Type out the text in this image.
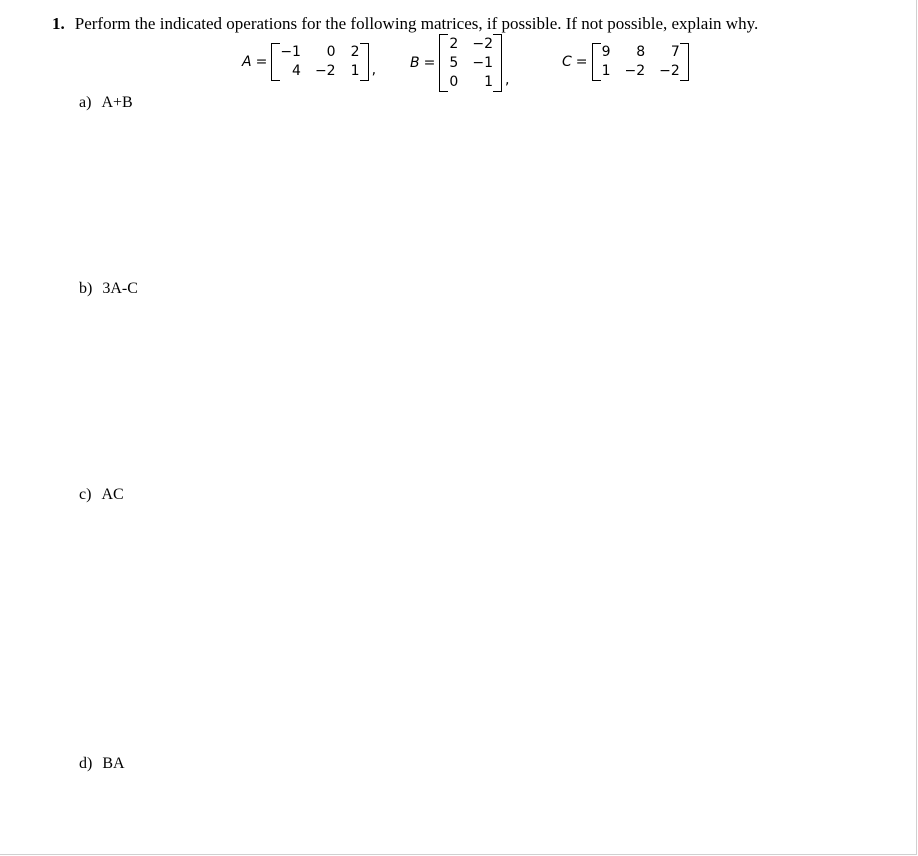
1. Perform the indicated operations for the following matrices, if possible. If not possible, explain why.
A =
−1	0 2
4 −2 1 , B =
2 −2
5 −1
0	1 ,
C =
9	8	7
1 −2 −2
a) A+B
b) 3A-C
c) AC
d) BA
